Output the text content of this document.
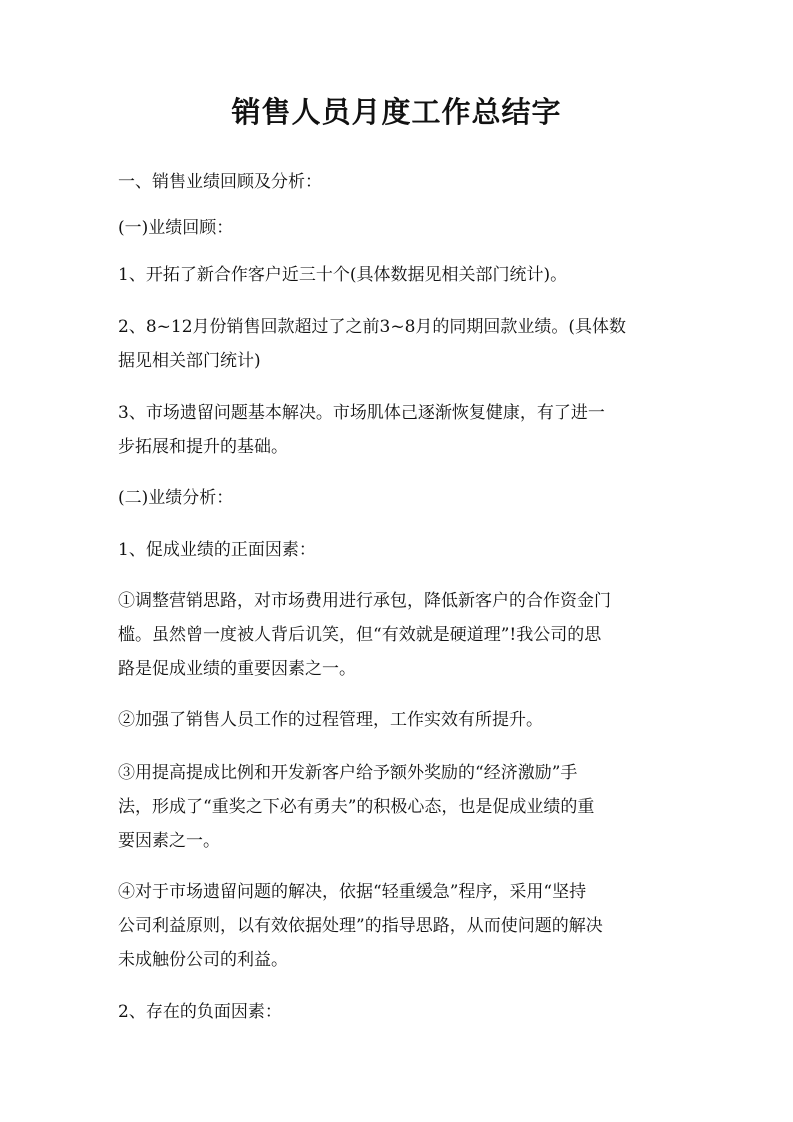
销售人员月度工作总结字
一、销售业绩回顾及分析：
(一)业绩回顾：
1、开拓了新合作客户近三十个(具体数据见相关部门统计)。
2、8~12月份销售回款超过了之前3~8月的同期回款业绩。(具体数
据见相关部门统计)
3、市场遗留问题基本解决。市场肌体己逐渐恢复健康，有了进一
步拓展和提升的基础。
(二)业绩分析：
1、促成业绩的正面因素：
①调整营销思路，对市场费用进行承包，降低新客户的合作资金门
槛。虽然曾一度被人背后讥笑，但“有效就是硬道理”!我公司的思
路是促成业绩的重要因素之一。
②加强了销售人员工作的过程管理，工作实效有所提升。
③用提高提成比例和开发新客户给予额外奖励的“经济激励”手
法，形成了“重奖之下必有勇夫”的积极心态，也是促成业绩的重
要因素之一。
④对于市场遗留问题的解决，依据“轻重缓急”程序，采用“坚持
公司利益原则，以有效依据处理”的指导思路，从而使问题的解决
未成触份公司的利益。
2、存在的负面因素：
